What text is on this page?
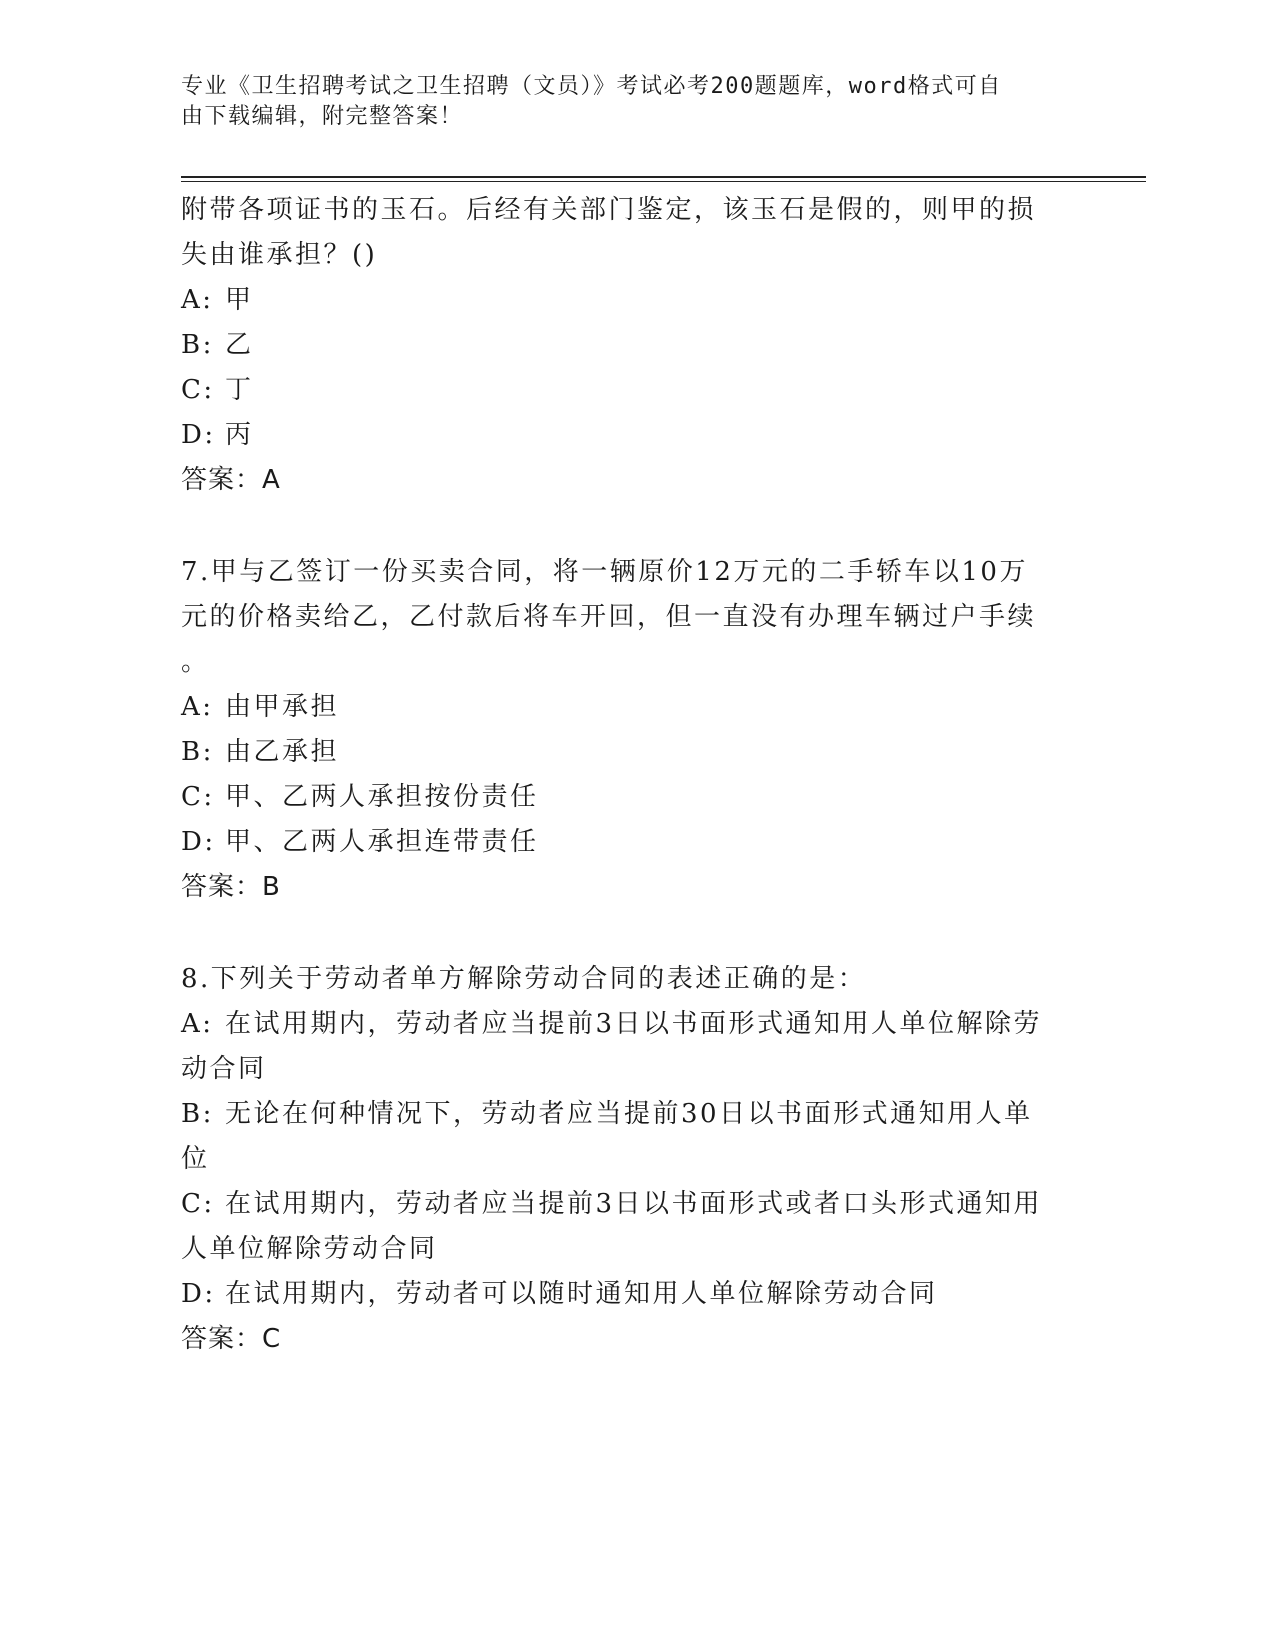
专业《卫生招聘考试之卫生招聘（文员）》考试必考200题题库，word格式可自
由下载编辑，附完整答案！
附带各项证书的玉石。后经有关部门鉴定，该玉石是假的，则甲的损
失由谁承担？()
A: 甲
B: 乙
C: 丁
D: 丙
答案：A
7.甲与乙签订一份买卖合同，将一辆原价12万元的二手轿车以10万
元的价格卖给乙，乙付款后将车开回，但一直没有办理车辆过户手续
。
A: 由甲承担
B: 由乙承担
C: 甲、乙两人承担按份责任
D: 甲、乙两人承担连带责任
答案：B
8.下列关于劳动者单方解除劳动合同的表述正确的是：
A: 在试用期内，劳动者应当提前3日以书面形式通知用人单位解除劳
动合同
B: 无论在何种情况下，劳动者应当提前30日以书面形式通知用人单
位
C: 在试用期内，劳动者应当提前3日以书面形式或者口头形式通知用
人单位解除劳动合同
D: 在试用期内，劳动者可以随时通知用人单位解除劳动合同
答案：C
